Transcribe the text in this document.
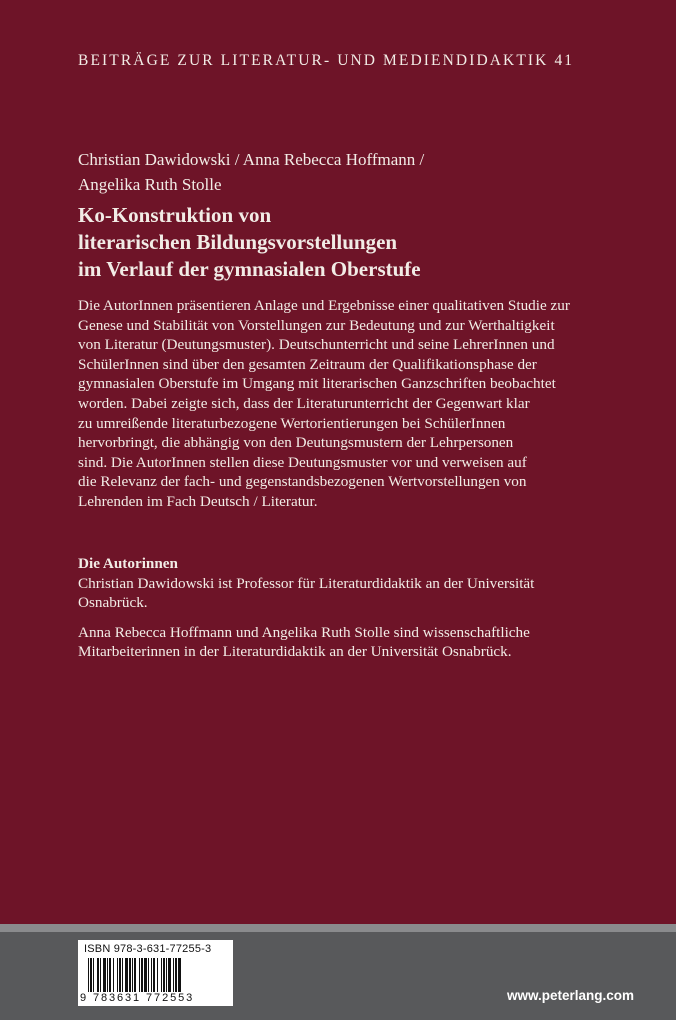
BEITRÄGE ZUR LITERATUR- UND MEDIENDIDAKTIK 41
Christian Dawidowski / Anna Rebecca Hoffmann /
Angelika Ruth Stolle
Ko-Konstruktion von
literarischen Bildungsvorstellungen
im Verlauf der gymnasialen Oberstufe
Die AutorInnen präsentieren Anlage und Ergebnisse einer qualitativen Studie zur
Genese und Stabilität von Vorstellungen zur Bedeutung und zur Werthaltigkeit
von Literatur (Deutungsmuster). Deutschunterricht und seine LehrerInnen und
SchülerInnen sind über den gesamten Zeitraum der Qualifikationsphase der
gymnasialen Oberstufe im Umgang mit literarischen Ganzschriften beobachtet
worden. Dabei zeigte sich, dass der Literaturunterricht der Gegenwart klar
zu umreißende literaturbezogene Wertorientierungen bei SchülerInnen
hervorbringt, die abhängig von den Deutungsmustern der Lehrpersonen
sind. Die AutorInnen stellen diese Deutungsmuster vor und verweisen auf
die Relevanz der fach- und gegenstandsbezogenen Wertvorstellungen von
Lehrenden im Fach Deutsch / Literatur.
Die Autorinnen
Christian Dawidowski ist Professor für Literaturdidaktik an der Universität
Osnabrück.
Anna Rebecca Hoffmann und Angelika Ruth Stolle sind wissenschaftliche
Mitarbeiterinnen in der Literaturdidaktik an der Universität Osnabrück.
ISBN 978-3-631-77255-3
9 783631 772553	www.peterlang.com
